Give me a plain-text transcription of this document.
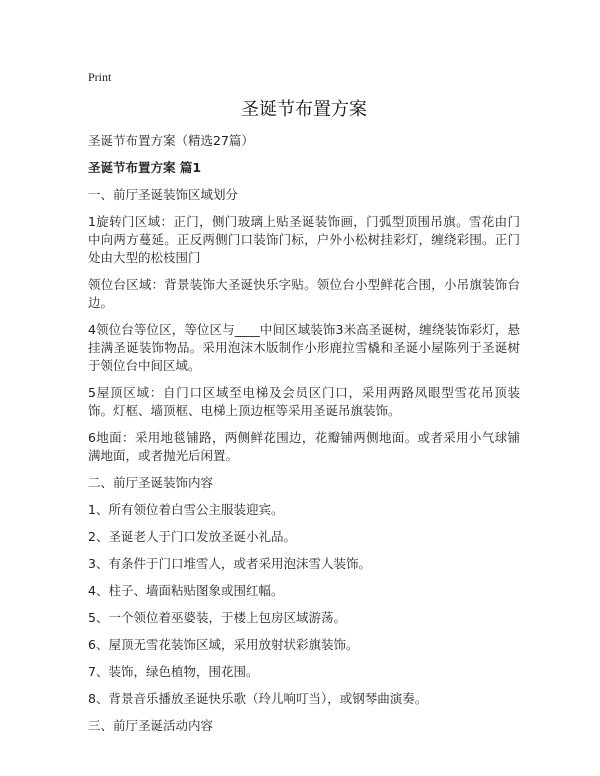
Print
圣诞节布置方案

圣诞节布置方案（精选27篇）

圣诞节布置方案 篇1

一、前厅圣诞装饰区域划分

1旋转门区域：正门，侧门玻璃上贴圣诞装饰画，门弧型顶围吊旗。雪花由门中向两方蔓延。正反两侧门口装饰门标，户外小松树挂彩灯，缠绕彩围。正门处由大型的松枝围门

领位台区域：背景装饰大圣诞快乐字贴。领位台小型鲜花合围，小吊旗装饰台边。

4领位台等位区，等位区与____中间区域装饰3米高圣诞树，缠绕装饰彩灯，悬挂满圣诞装饰物品。采用泡沫木版制作小形鹿拉雪橇和圣诞小屋陈列于圣诞树于领位台中间区域。

5屋顶区域：自门口区域至电梯及会员区门口，采用两路凤眼型雪花吊顶装饰。灯框、墙顶框、电梯上顶边框等采用圣诞吊旗装饰。

6地面：采用地毯铺路，两侧鲜花围边，花瓣铺两侧地面。或者采用小气球铺满地面，或者抛光后闲置。

二、前厅圣诞装饰内容

1、所有领位着白雪公主服装迎宾。

2、圣诞老人于门口发放圣诞小礼品。

3、有条件于门口堆雪人，或者采用泡沫雪人装饰。

4、柱子、墙面粘贴图象或围红幅。

5、一个领位着巫婆装，于楼上包房区域游荡。

6、屋顶无雪花装饰区域，采用放射状彩旗装饰。

7、装饰，绿色植物，围花围。

8、背景音乐播放圣诞快乐歌（玲儿响叮当），或钢琴曲演奏。

三、前厅圣诞活动内容
